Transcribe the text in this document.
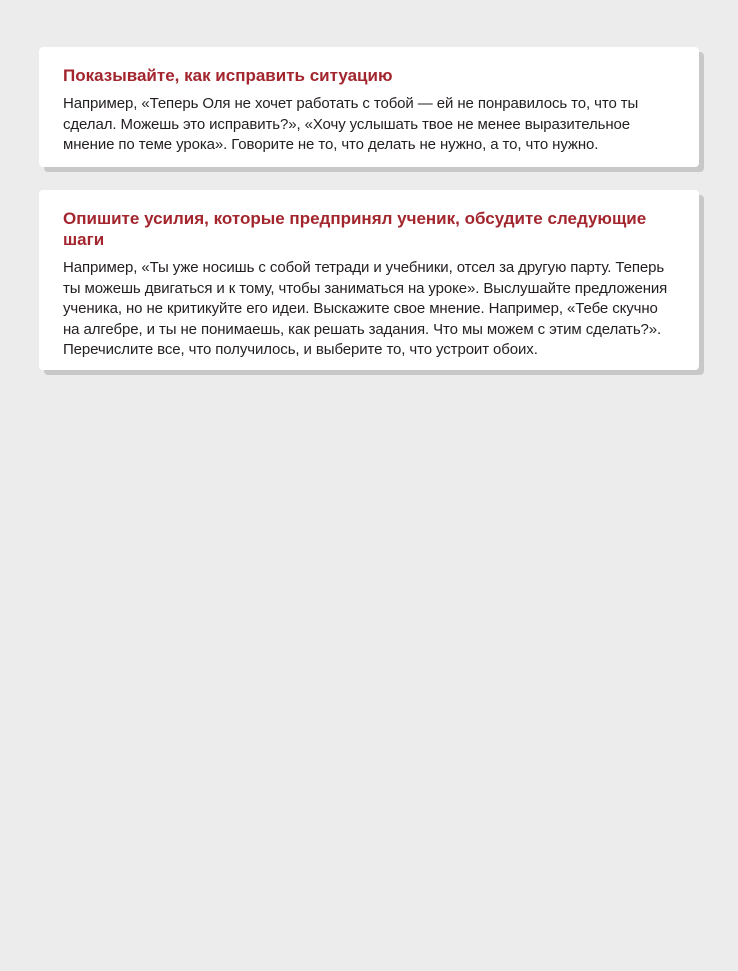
Показывайте, как исправить ситуацию

Например, «Теперь Оля не хочет работать с тобой — ей не понравилось то, что ты сделал. Можешь это исправить?», «Хочу услышать твое не менее выразительное мнение по теме урока». Говорите не то, что делать не нужно, а то, что нужно.

Опишите усилия, которые предпринял ученик, обсудите следующие шаги

Например, «Ты уже носишь с собой тетради и учебники, отсел за другую парту. Теперь ты можешь двигаться и к тому, чтобы заниматься на уроке». Выслушайте предложения ученика, но не критикуйте его идеи. Выскажите свое мнение. Например, «Тебе скучно на алгебре, и ты не понимаешь, как решать задания. Что мы можем с этим сделать?». Перечислите все, что получилось, и выберите то, что устроит обоих.
